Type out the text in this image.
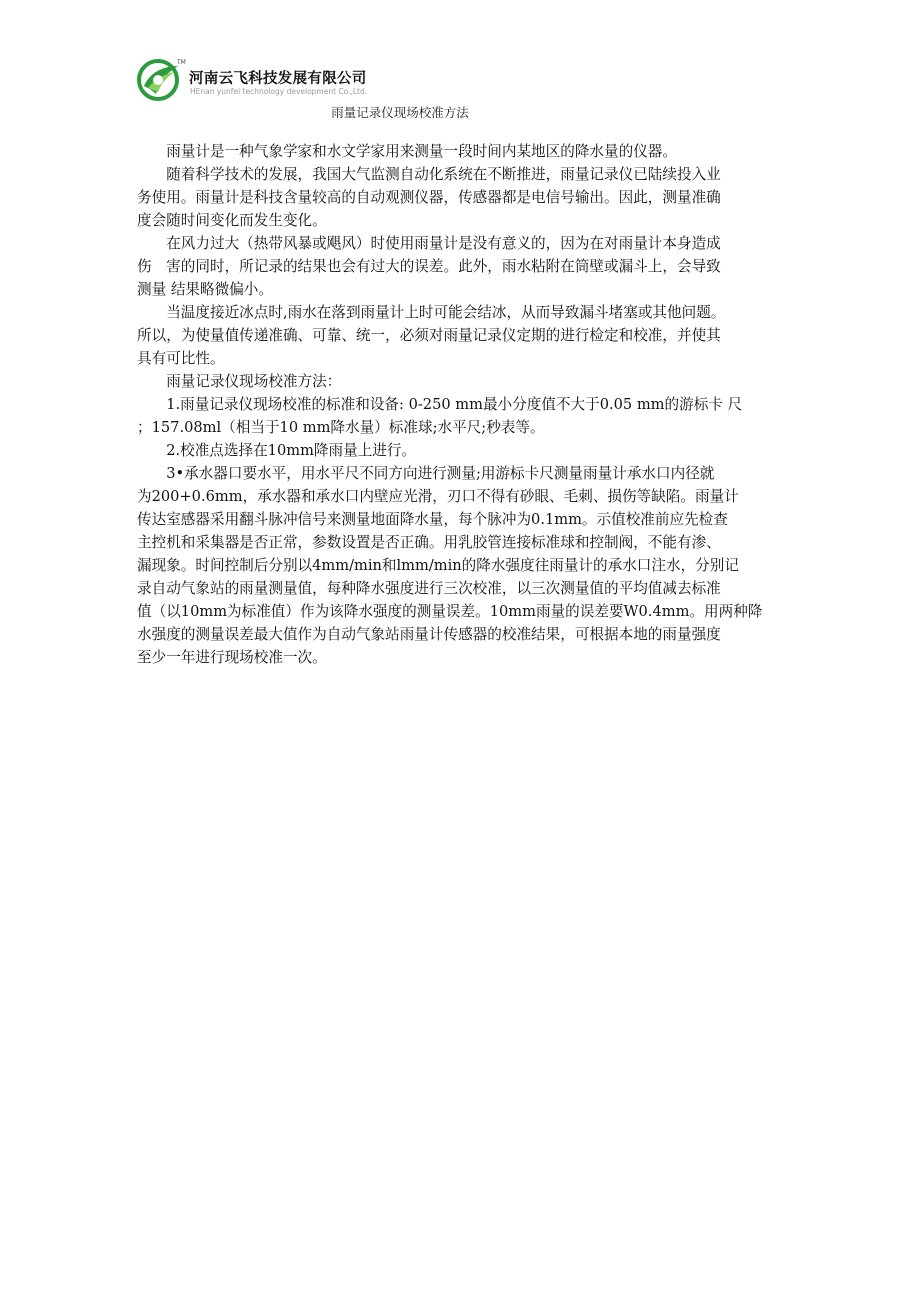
TM
河南云飞科技发展有限公司
HEnan yunfei technology development Co.,Ltd.
雨量记录仪现场校准方法
　　雨量计是一种气象学家和水文学家用来测量一段时间内某地区的降水量的仪器。
　　随着科学技术的发展，我国大气监测自动化系统在不断推进，雨量记录仪已陆续投入业
务使用。雨量计是科技含量较高的自动观测仪器，传感器都是电信号输出。因此，测量准确
度会随时间变化而发生变化。
　　在风力过大（热带风暴或飓风）时使用雨量计是没有意义的，因为在对雨量计本身造成
伤　害的同时，所记录的结果也会有过大的误差。此外，雨水粘附在筒壁或漏斗上，会导致
测量 结果略微偏小。
　　当温度接近冰点时,雨水在落到雨量计上时可能会结冰，从而导致漏斗堵塞或其他问题。
所以，为使量值传递准确、可靠、统一，必须对雨量记录仪定期的进行检定和校准，并使其
具有可比性。
　　雨量记录仪现场校准方法：
　　1.雨量记录仪现场校准的标准和设备: 0-250 mm最小分度值不大于0.05 mm的游标卡 尺
；157.08ml（相当于10 mm降水量）标准球;水平尺;秒表等。
　　2.校准点选择在10mm降雨量上进行。
　　3•承水器口要水平，用水平尺不同方向进行测量;用游标卡尺测量雨量计承水口内径就
为200+0.6mm，承水器和承水口内壁应光滑，刃口不得有砂眼、毛刺、损伤等缺陷。雨量计
传达室感器采用翻斗脉冲信号来测量地面降水量，每个脉冲为0.1mm。示值校准前应先检查
主控机和采集器是否正常，参数设置是否正确。用乳胶管连接标准球和控制阀，不能有渗、
漏现象。时间控制后分别以4mm/min和lmm/min的降水强度往雨量计的承水口注水，分别记
录自动气象站的雨量测量值，每种降水强度进行三次校准，以三次测量值的平均值减去标准
值（以10mm为标准值）作为该降水强度的测量误差。10mm雨量的误差要W0.4mm。用两种降
水强度的测量误差最大值作为自动气象站雨量计传感器的校准结果，可根据本地的雨量强度
至少一年进行现场校准一次。
